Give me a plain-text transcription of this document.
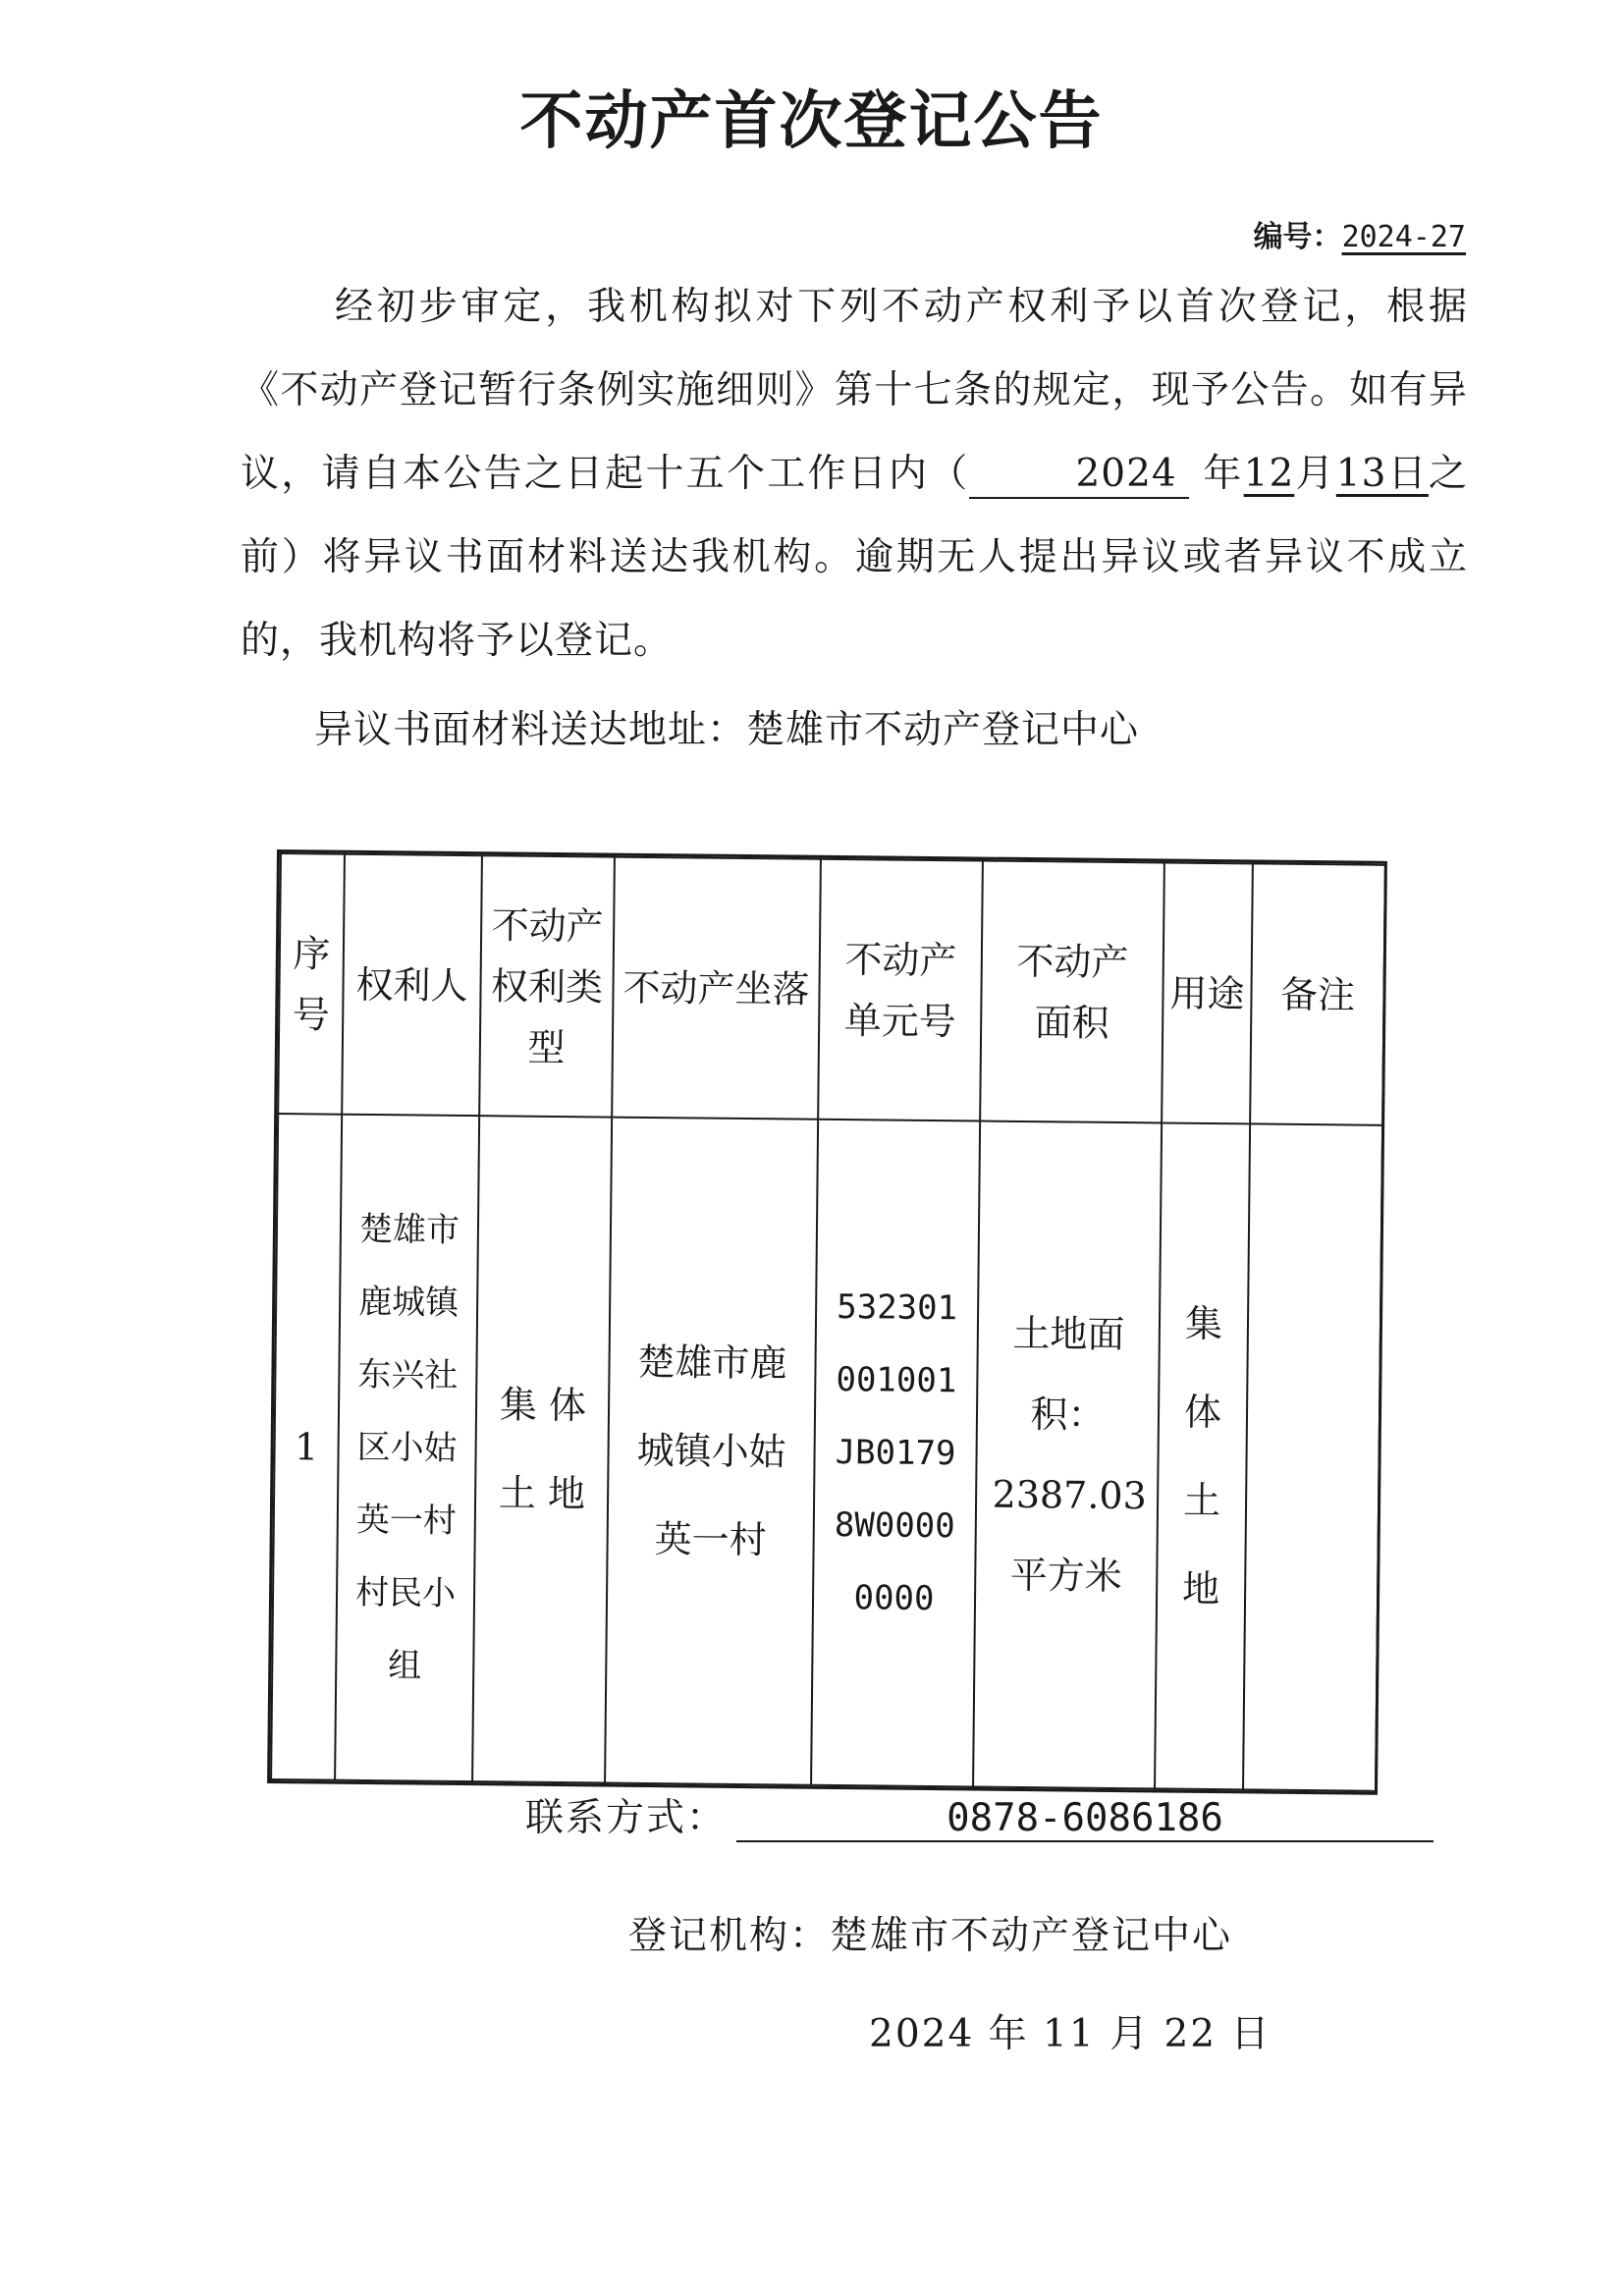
不动产首次登记公告
编号：2024-27
经初步审定，我机构拟对下列不动产权利予以首次登记，根据《不动产登记暂行条例实施细则》第十七条的规定，现予公告。如有异议，请自本公告之日起十五个工作日内（	2024 年12月13日之前）将异议书面材料送达我机构。逾期无人提出异议或者异议不成立的，我机构将予以登记。
异议书面材料送达地址：楚雄市不动产登记中心
序号	权利人	不动产权利类型	不动产坐落	不动产单元号	不动产面积	用途	备注
1	楚雄市鹿城镇东兴社区小姑英一村村民小组	集 体 土 地	楚雄市鹿城镇小姑英一村	532301001001JB01798W00000000	土地面积：2387.03平方米	集体土地	
联系方式：	0878-6086186
登记机构：楚雄市不动产登记中心
2024 年 11 月 22 日
